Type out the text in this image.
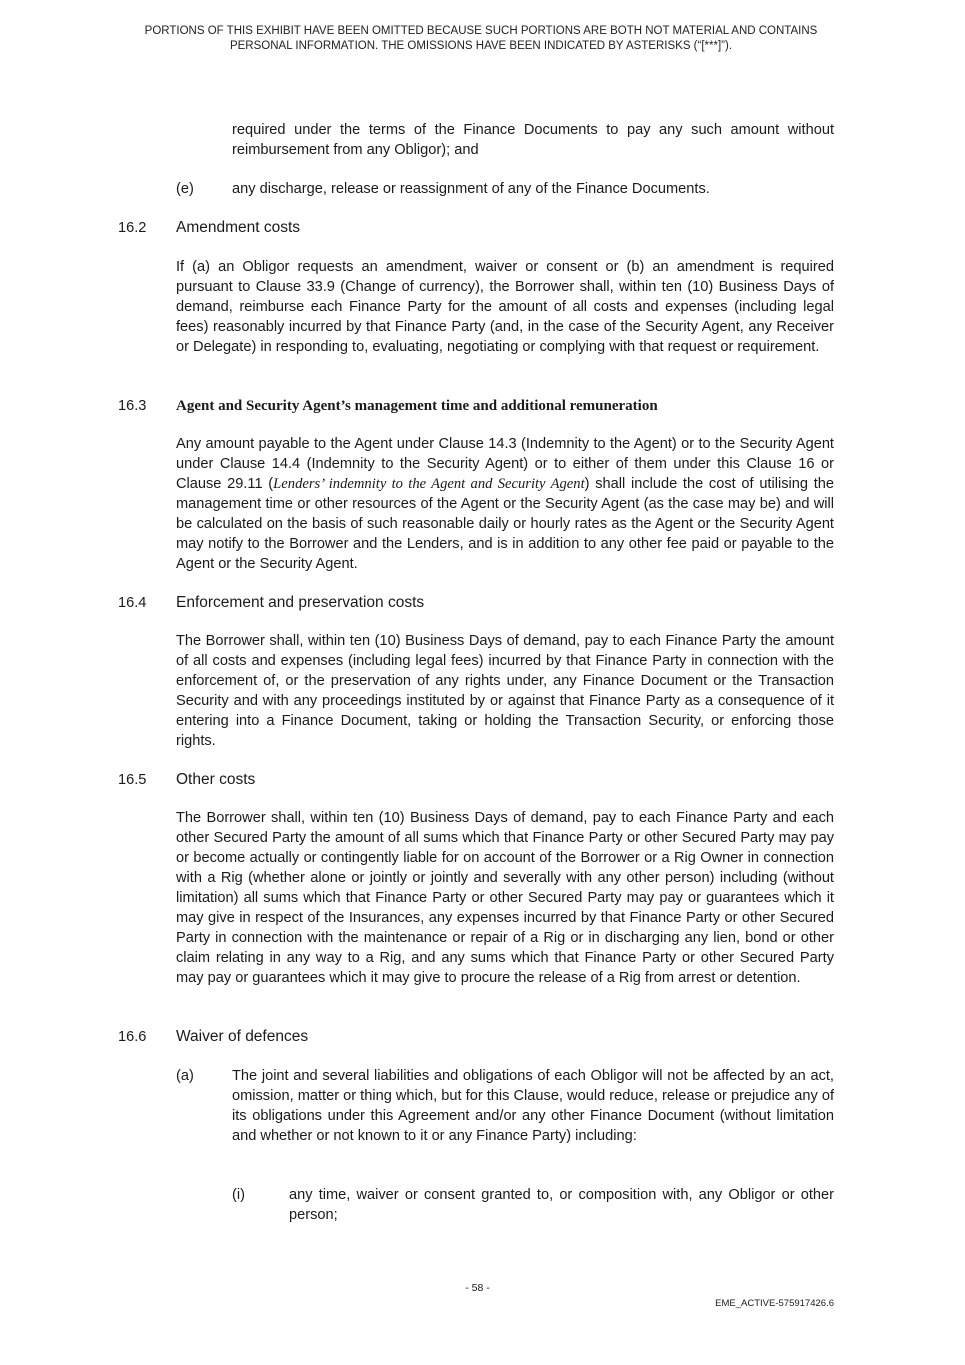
PORTIONS OF THIS EXHIBIT HAVE BEEN OMITTED BECAUSE SUCH PORTIONS ARE BOTH NOT MATERIAL AND CONTAINS PERSONAL INFORMATION. THE OMISSIONS HAVE BEEN INDICATED BY ASTERISKS (“[***]”).
required under the terms of the Finance Documents to pay any such amount without reimbursement from any Obligor); and
(e)	any discharge, release or reassignment of any of the Finance Documents.
16.2 Amendment costs
If (a) an Obligor requests an amendment, waiver or consent or (b) an amendment is required pursuant to Clause 33.9 (Change of currency), the Borrower shall, within ten (10) Business Days of demand, reimburse each Finance Party for the amount of all costs and expenses (including legal fees) reasonably incurred by that Finance Party (and, in the case of the Security Agent, any Receiver or Delegate) in responding to, evaluating, negotiating or complying with that request or requirement.
16.3 Agent and Security Agent’s management time and additional remuneration
Any amount payable to the Agent under Clause 14.3 (Indemnity to the Agent) or to the Security Agent under Clause 14.4 (Indemnity to the Security Agent) or to either of them under this Clause 16 or Clause 29.11 (Lenders’ indemnity to the Agent and Security Agent) shall include the cost of utilising the management time or other resources of the Agent or the Security Agent (as the case may be) and will be calculated on the basis of such reasonable daily or hourly rates as the Agent or the Security Agent may notify to the Borrower and the Lenders, and is in addition to any other fee paid or payable to the Agent or the Security Agent.
16.4 Enforcement and preservation costs
The Borrower shall, within ten (10) Business Days of demand, pay to each Finance Party the amount of all costs and expenses (including legal fees) incurred by that Finance Party in connection with the enforcement of, or the preservation of any rights under, any Finance Document or the Transaction Security and with any proceedings instituted by or against that Finance Party as a consequence of it entering into a Finance Document, taking or holding the Transaction Security, or enforcing those rights.
16.5 Other costs
The Borrower shall, within ten (10) Business Days of demand, pay to each Finance Party and each other Secured Party the amount of all sums which that Finance Party or other Secured Party may pay or become actually or contingently liable for on account of the Borrower or a Rig Owner in connection with a Rig (whether alone or jointly or jointly and severally with any other person) including (without limitation) all sums which that Finance Party or other Secured Party may pay or guarantees which it may give in respect of the Insurances, any expenses incurred by that Finance Party or other Secured Party in connection with the maintenance or repair of a Rig or in discharging any lien, bond or other claim relating in any way to a Rig, and any sums which that Finance Party or other Secured Party may pay or guarantees which it may give to procure the release of a Rig from arrest or detention.
16.6 Waiver of defences
(a)	The joint and several liabilities and obligations of each Obligor will not be affected by an act, omission, matter or thing which, but for this Clause, would reduce, release or prejudice any of its obligations under this Agreement and/or any other Finance Document (without limitation and whether or not known to it or any Finance Party) including:
(i)	any time, waiver or consent granted to, or composition with, any Obligor or other person;
- 58 -
EME_ACTIVE-575917426.6
